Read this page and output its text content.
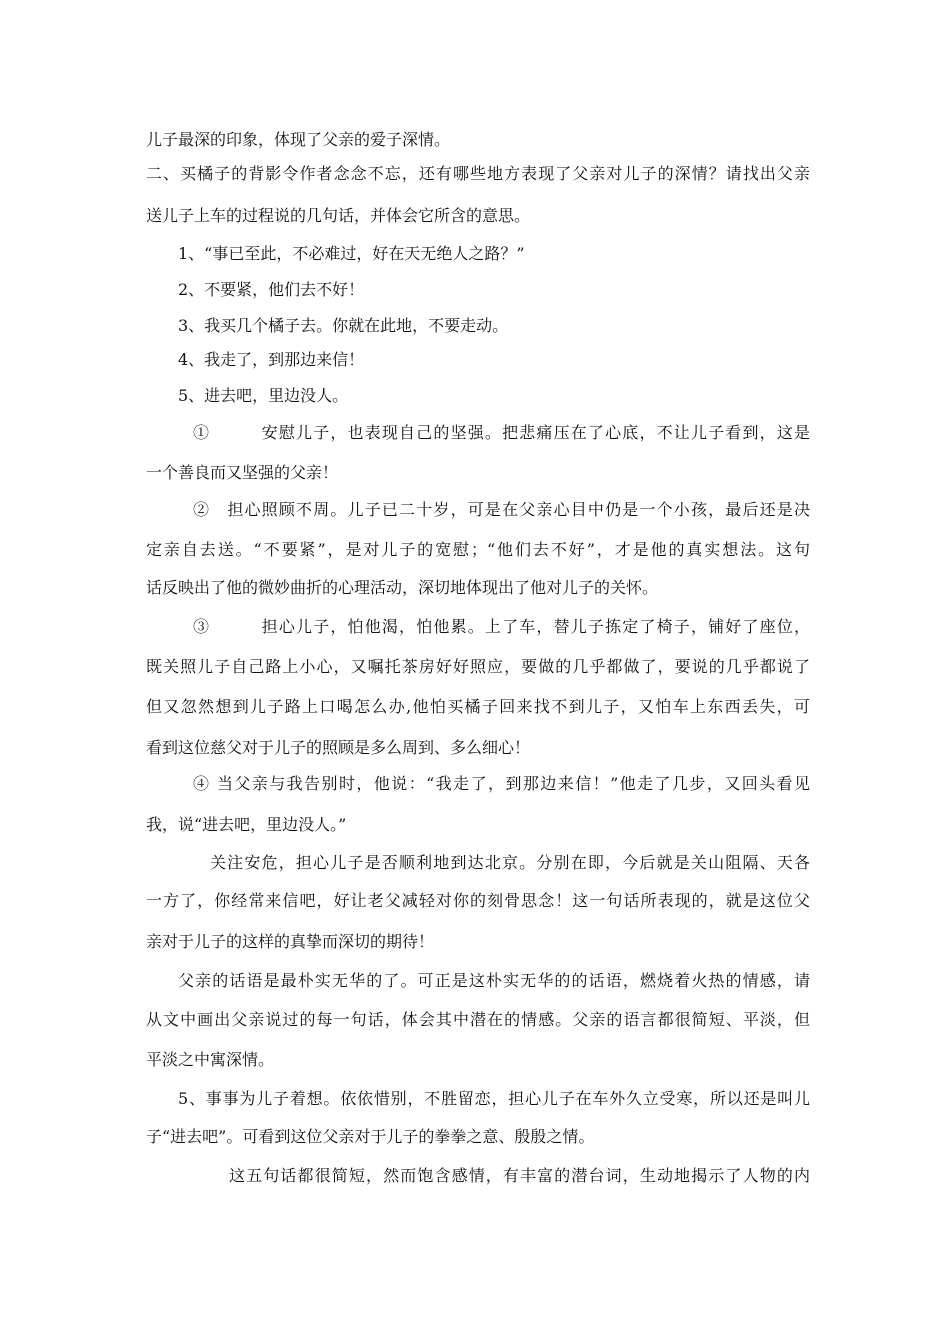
儿子最深的印象，体现了父亲的爱子深情。
二、买橘子的背影令作者念念不忘，还有哪些地方表现了父亲对儿子的深情？请找出父亲
送儿子上车的过程说的几句话，并体会它所含的意思。
1、“事已至此，不必难过，好在天无绝人之路？”
2、不要紧，他们去不好！
3、我买几个橘子去。你就在此地，不要走动。
4、我走了，到那边来信！
5、进去吧，里边没人。
①　　　安慰儿子，也表现自己的坚强。把悲痛压在了心底，不让儿子看到，这是
一个善良而又坚强的父亲！
②　担心照顾不周。儿子已二十岁，可是在父亲心目中仍是一个小孩，最后还是决
定亲自去送。“不要紧”，是对儿子的宽慰；“他们去不好”，才是他的真实想法。这句
话反映出了他的微妙曲折的心理活动，深切地体现出了他对儿子的关怀。
③　　　担心儿子，怕他渴，怕他累。上了车，替儿子拣定了椅子，铺好了座位，
既关照儿子自己路上小心，又嘱托茶房好好照应，要做的几乎都做了，要说的几乎都说了
但又忽然想到儿子路上口喝怎么办,他怕买橘子回来找不到儿子，又怕车上东西丢失，可
看到这位慈父对于儿子的照顾是多么周到、多么细心！
④ 当父亲与我告别时，他说：“我走了，到那边来信！”他走了几步，又回头看见
我，说“进去吧，里边没人。”
关注安危，担心儿子是否顺利地到达北京。分别在即，今后就是关山阻隔、天各
一方了，你经常来信吧，好让老父减轻对你的刻骨思念！这一句话所表现的，就是这位父
亲对于儿子的这样的真挚而深切的期待！
父亲的话语是最朴实无华的了。可正是这朴实无华的的话语，燃烧着火热的情感，请
从文中画出父亲说过的每一句话，体会其中潜在的情感。父亲的语言都很简短、平淡，但
平淡之中寓深情。
5、事事为儿子着想。依依惜别，不胜留恋，担心儿子在车外久立受寒，所以还是叫儿
子“进去吧”。可看到这位父亲对于儿子的拳拳之意、殷殷之情。
这五句话都很简短，然而饱含感情，有丰富的潜台词，生动地揭示了人物的内
